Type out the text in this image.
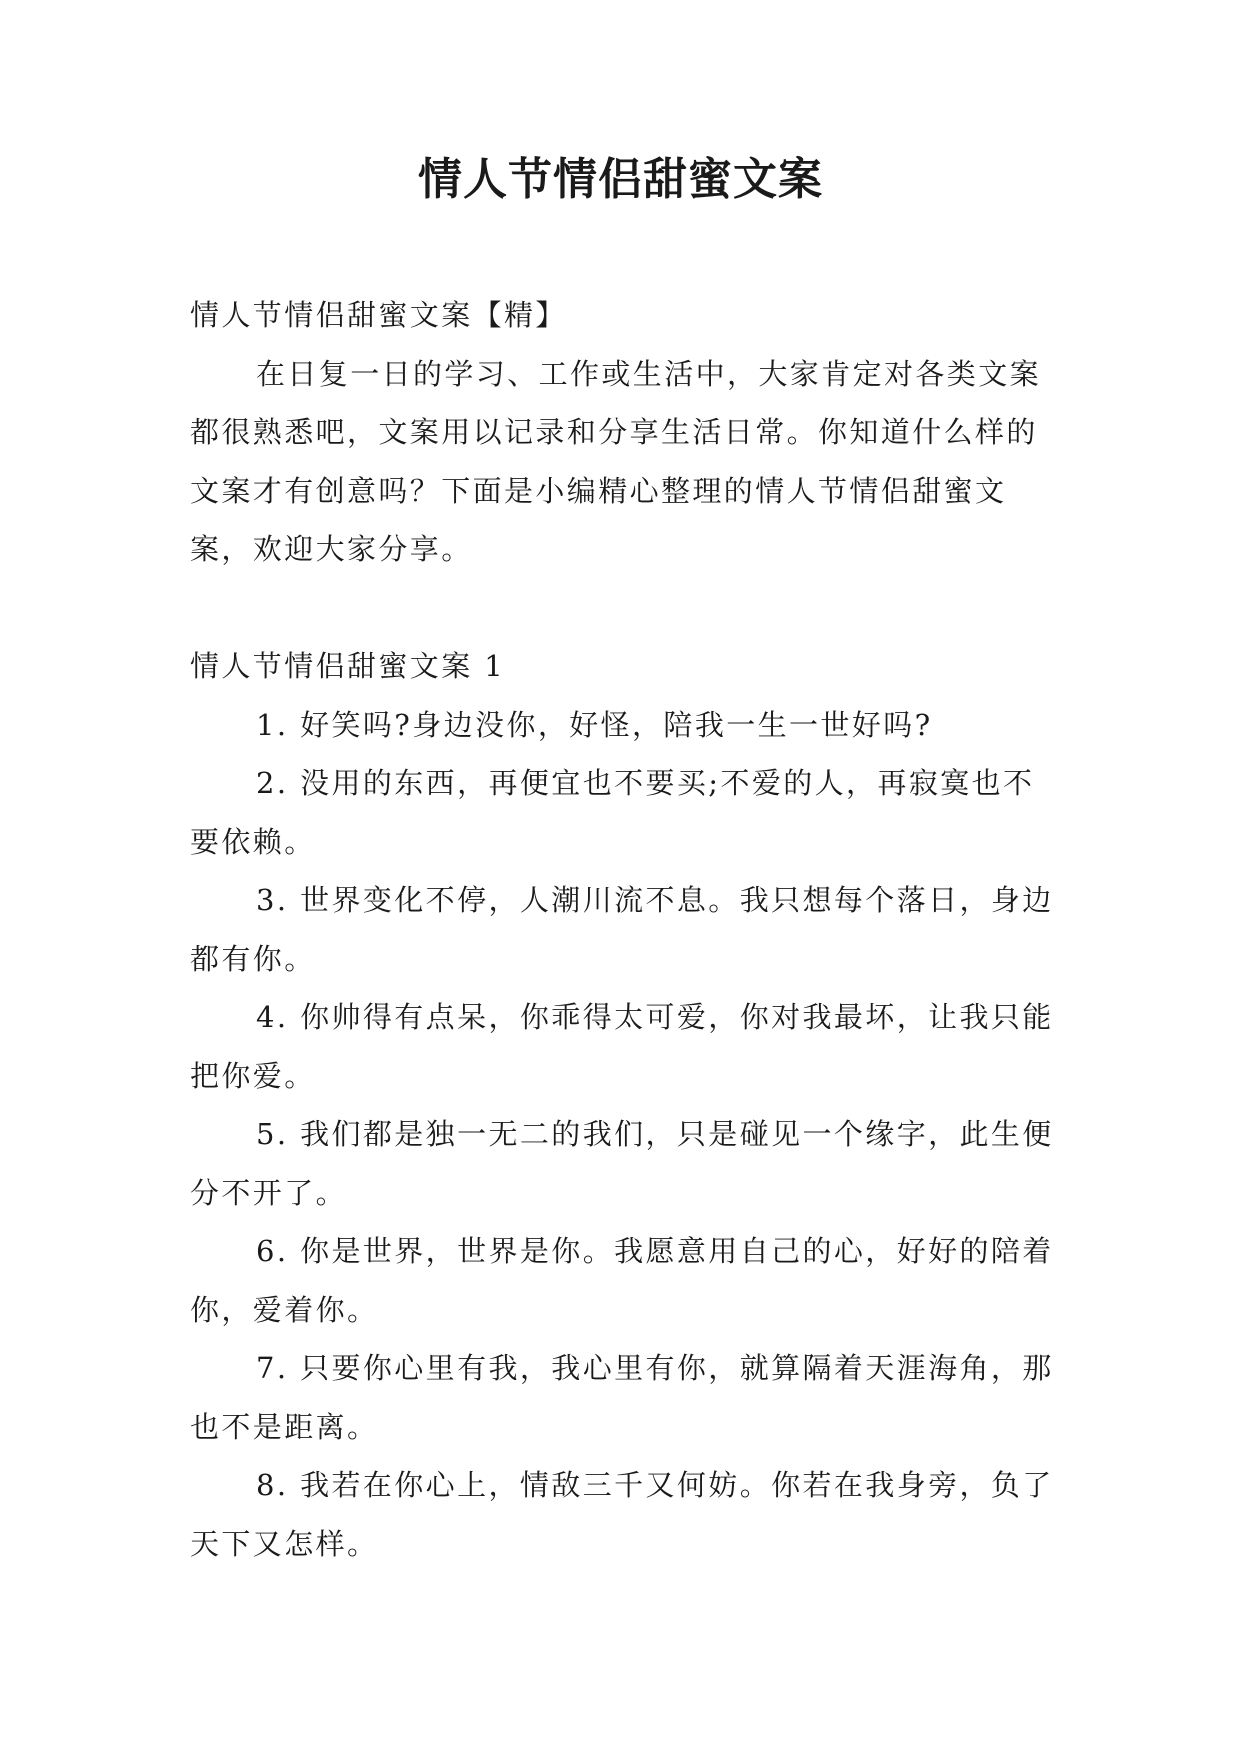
情人节情侣甜蜜文案

情人节情侣甜蜜文案【精】

在日复一日的学习、工作或生活中，大家肯定对各类文案都很熟悉吧，文案用以记录和分享生活日常。你知道什么样的文案才有创意吗？下面是小编精心整理的情人节情侣甜蜜文案，欢迎大家分享。

情人节情侣甜蜜文案 1

1. 好笑吗?身边没你，好怪，陪我一生一世好吗?

2. 没用的东西，再便宜也不要买;不爱的人，再寂寞也不要依赖。

3. 世界变化不停，人潮川流不息。我只想每个落日，身边都有你。

4. 你帅得有点呆，你乖得太可爱，你对我最坏，让我只能把你爱。

5. 我们都是独一无二的我们，只是碰见一个缘字，此生便分不开了。

6. 你是世界，世界是你。我愿意用自己的心，好好的陪着你，爱着你。

7. 只要你心里有我，我心里有你，就算隔着天涯海角，那也不是距离。

8. 我若在你心上，情敌三千又何妨。你若在我身旁，负了天下又怎样。
